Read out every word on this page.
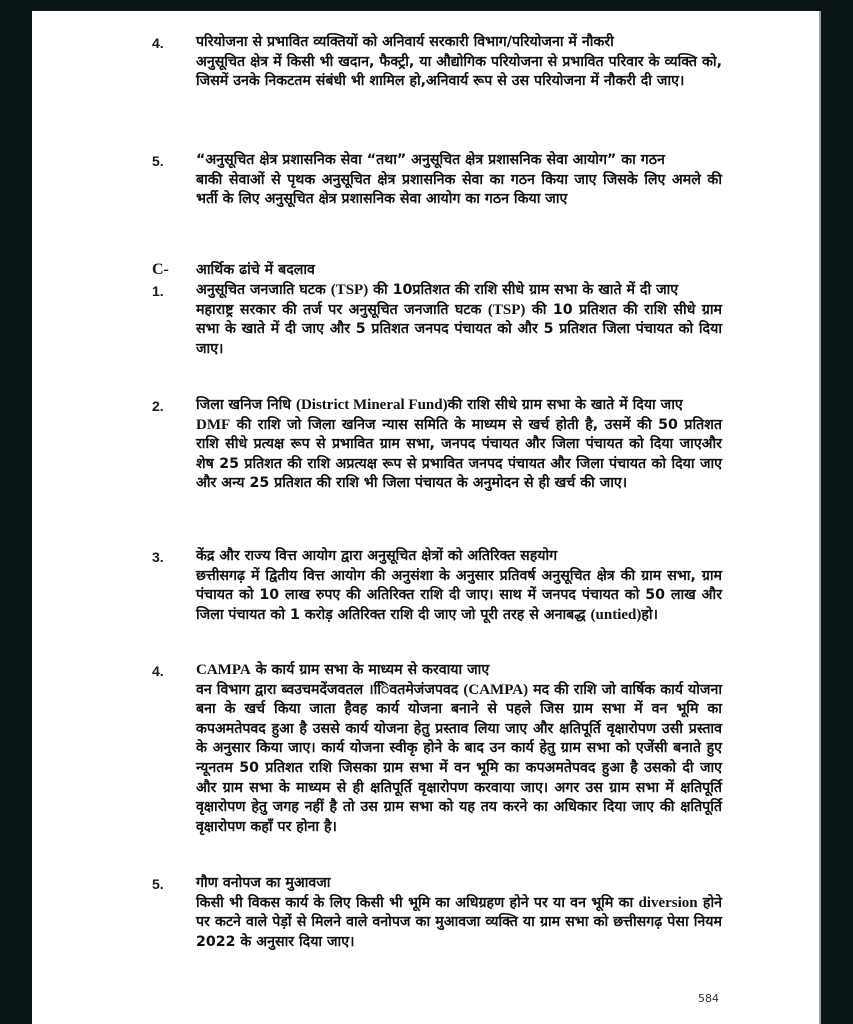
4. परियोजना से प्रभावित व्यक्तियों को अनिवार्य सरकारी विभाग/परियोजना में नौकरी
अनुसूचित क्षेत्र में किसी भी खदान, फैक्ट्री, या औद्योगिक परियोजना से प्रभावित परिवार के व्यक्ति को, जिसमें उनके निकटतम संबंधी भी शामिल हो,अनिवार्य रूप से उस परियोजना में नौकरी दी जाए।
5. “अनुसूचित क्षेत्र प्रशासनिक सेवा “तथा” अनुसूचित क्षेत्र प्रशासनिक सेवा आयोग” का गठन
बाकी सेवाओं से पृथक अनुसूचित क्षेत्र प्रशासनिक सेवा का गठन किया जाए जिसके लिए अमले की भर्ती के लिए अनुसूचित क्षेत्र प्रशासनिक सेवा आयोग का गठन किया जाए
C- आर्थिक ढांचे में बदलाव
1. अनुसूचित जनजाति घटक (TSP) की 10प्रतिशत की राशि सीधे ग्राम सभा के खाते में दी जाए
महाराष्ट्र सरकार की तर्ज पर अनुसूचित जनजाति घटक (TSP) की 10 प्रतिशत की राशि सीधे ग्राम सभा के खाते में दी जाए और 5 प्रतिशत जनपद पंचायत को और 5 प्रतिशत जिला पंचायत को दिया जाए।
2. जिला खनिज निधि (District Mineral Fund)की राशि सीधे ग्राम सभा के खाते में दिया जाए
DMF की राशि जो जिला खनिज न्यास समिति के माध्यम से खर्च होती है, उसमें की 50 प्रतिशत राशि सीधे प्रत्यक्ष रूप से प्रभावित ग्राम सभा, जनपद पंचायत और जिला पंचायत को दिया जाएऔर शेष 25 प्रतिशत की राशि अप्रत्यक्ष रूप से प्रभावित जनपद पंचायत और जिला पंचायत को दिया जाए और अन्य 25 प्रतिशत की राशि भी जिला पंचायत के अनुमोदन से ही खर्च की जाए।
3. केंद्र और राज्य वित्त आयोग द्वारा अनुसूचित क्षेत्रों को अतिरिक्त सहयोग
छत्तीसगढ़ में द्वितीय वित्त आयोग की अनुसंशा के अनुसार प्रतिवर्ष अनुसूचित क्षेत्र की ग्राम सभा, ग्राम पंचायत को 10 लाख रुपए की अतिरिक्त राशि दी जाए। साथ में जनपद पंचायत को 50 लाख और जिला पंचायत को 1 करोड़ अतिरिक्त राशि दी जाए जो पूरी तरह से अनाबद्ध (untied)हो।
4. CAMPA के कार्य ग्राम सभा के माध्यम से करवाया जाए
वन विभाग द्वारा ब्वउचमदेंजवतल ।ििवतमेजंजपवद (CAMPA) मद की राशि जो वार्षिक कार्य योजना बना के खर्च किया जाता हैवह कार्य योजना बनाने से पहले जिस ग्राम सभा में वन भूमि का कपअमतेपवद हुआ है उससे कार्य योजना हेतु प्रस्ताव लिया जाए और क्षतिपूर्ति वृक्षारोपण उसी प्रस्ताव के अनुसार किया जाए। कार्य योजना स्वीकृ होने के बाद उन कार्य हेतु ग्राम सभा को एजेंसी बनाते हुए न्यूनतम 50 प्रतिशत राशि जिसका ग्राम सभा में वन भूमि का कपअमतेपवद हुआ है उसको दी जाए और ग्राम सभा के माध्यम से ही क्षतिपूर्ति वृक्षारोपण करवाया जाए। अगर उस ग्राम सभा में क्षतिपूर्ति वृक्षारोपण हेतु जगह नहीं है तो उस ग्राम सभा को यह तय करने का अधिकार दिया जाए की क्षतिपूर्ति वृक्षारोपण कहाँ पर होना है।
5. गौण वनोपज का मुआवजा
किसी भी विकस कार्य के लिए किसी भी भूमि का अधिग्रहण होने पर या वन भूमि का diversion होने पर कटने वाले पेड़ों से मिलने वाले वनोपज का मुआवजा व्यक्ति या ग्राम सभा को छत्तीसगढ़ पेसा नियम 2022 के अनुसार दिया जाए।
584
